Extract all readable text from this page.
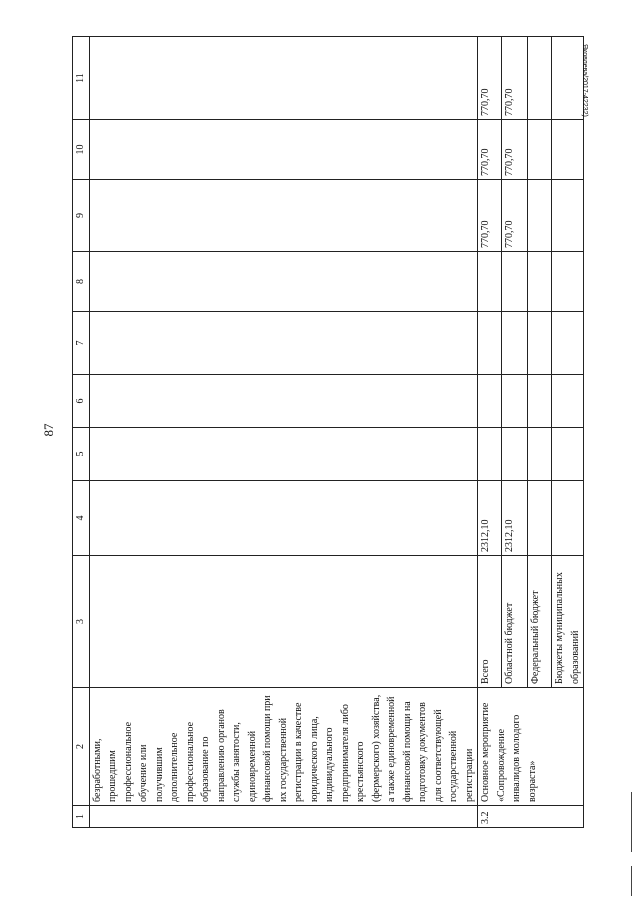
87
1	2	3	4	5	6	7	8	9	10	11
	безработными, прошедшим профессиональное обучение или получившим дополнительное профессиональное образование по направлению органов службы занятости, единовременной финансовой помощи при их государственной регистрации в качестве юридического лица, индивидуального предпринимателя либо крестьянского (фермерского) хозяйства, а также единовременной финансовой помощи на подготовку документов для соответствующей государственной регистрации									
3.2	Основное мероприятие «Сопровождение инвалидов молодого возраста»	Всего	2312,10					770,70	770,70	770,70
		Областной бюджет	2312,10					770,70	770,70	770,70
		Федеральный бюджет								
		Бюджеты муниципальных образований								
Яковлева/2017-42232)
